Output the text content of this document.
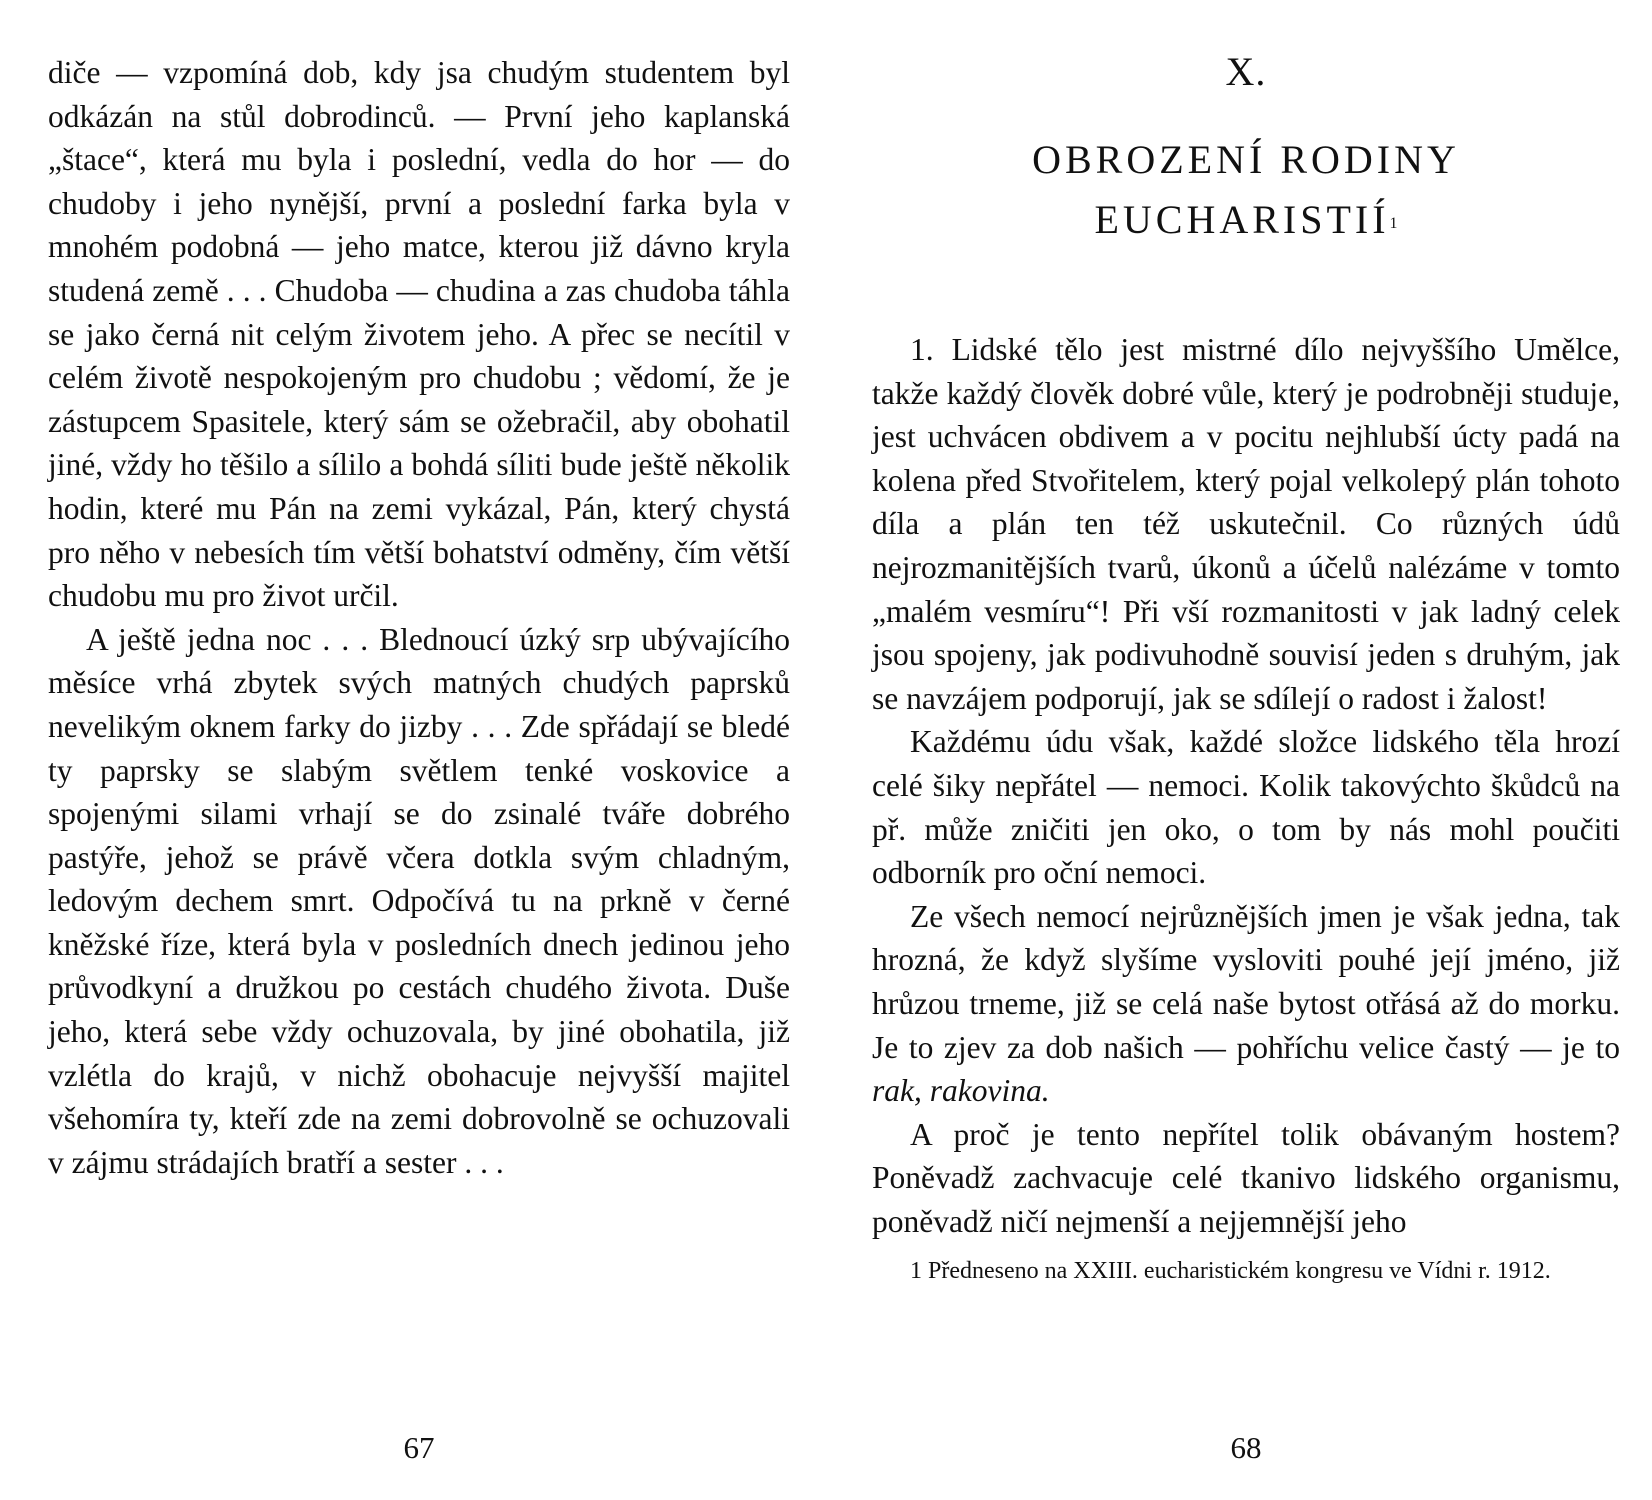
diče — vzpomíná dob, kdy jsa chudým studentem byl odkázán na stůl dobrodinců. — První jeho kaplanská „štace“, která mu byla i poslední, vedla do hor — do chudoby i jeho nynější, první a poslední farka byla v mnohém podobná — jeho matce, kterou již dávno kryla studená země . . . Chudoba — chudina a zas chudoba táhla se jako černá nit celým životem jeho. A přec se necítil v celém životě nespokojeným pro chudobu ; vědomí, že je zástupcem Spasitele, který sám se ožebračil, aby obohatil jiné, vždy ho těšilo a sílilo a bohdá síliti bude ještě několik hodin, které mu Pán na zemi vykázal, Pán, který chystá pro něho v nebesích tím větší bohatství odměny, čím větší chudobu mu pro život určil.

A ještě jedna noc . . . Blednoucí úzký srp ubývajícího měsíce vrhá zbytek svých matných chudých paprsků nevelikým oknem farky do jizby . . . Zde spřádají se bledé ty paprsky se slabým světlem tenké voskovice a spojenými silami vrhají se do zsinalé tváře dobrého pastýře, jehož se právě včera dotkla svým chladným, ledovým dechem smrt. Odpočívá tu na prkně v černé kněžské říze, která byla v posledních dnech jedinou jeho průvodkyní a družkou po cestách chudého života. Duše jeho, která sebe vždy ochuzovala, by jiné obohatila, již vzlétla do krajů, v nichž obohacuje nejvyšší majitel všehomíra ty, kteří zde na zemi dobrovolně se ochuzovali v zájmu strádajích bratří a sester . . .

67
X.
OBROZENÍ RODINY
EUCHARISTIÍ$^1$

1. Lidské tělo jest mistrné dílo nejvyššího Umělce, takže každý člověk dobré vůle, který je podrobněji studuje, jest uchvácen obdivem a v pocitu nejhlubší úcty padá na kolena před Stvořitelem, který pojal velkolepý plán tohoto díla a plán ten též uskutečnil. Co různých údů nejrozmanitějších tvarů, úkonů a účelů nalézáme v tomto „malém vesmíru“! Při vší rozmanitosti v jak ladný celek jsou spojeny, jak podivuhodně souvisí jeden s druhým, jak se navzájem podporují, jak se sdílejí o radost i žalost!

Každému údu však, každé složce lidského těla hrozí celé šiky nepřátel — nemoci. Kolik takovýchto škůdců na př. může zničiti jen oko, o tom by nás mohl poučiti odborník pro oční nemoci.

Ze všech nemocí nejrůznějších jmen je však jedna, tak hrozná, že když slyšíme vysloviti pouhé její jméno, již hrůzou trneme, již se celá naše bytost otřásá až do morku. Je to zjev za dob našich — pohříchu velice častý — je to rak, rakovina.

A proč je tento nepřítel tolik obávaným hostem? Poněvadž zachvacuje celé tkanivo lidského organismu, poněvadž ničí nejmenší a nejjemnější jeho

1 Předneseno na XXIII. eucharistickém kongresu ve Vídni r. 1912.
68
